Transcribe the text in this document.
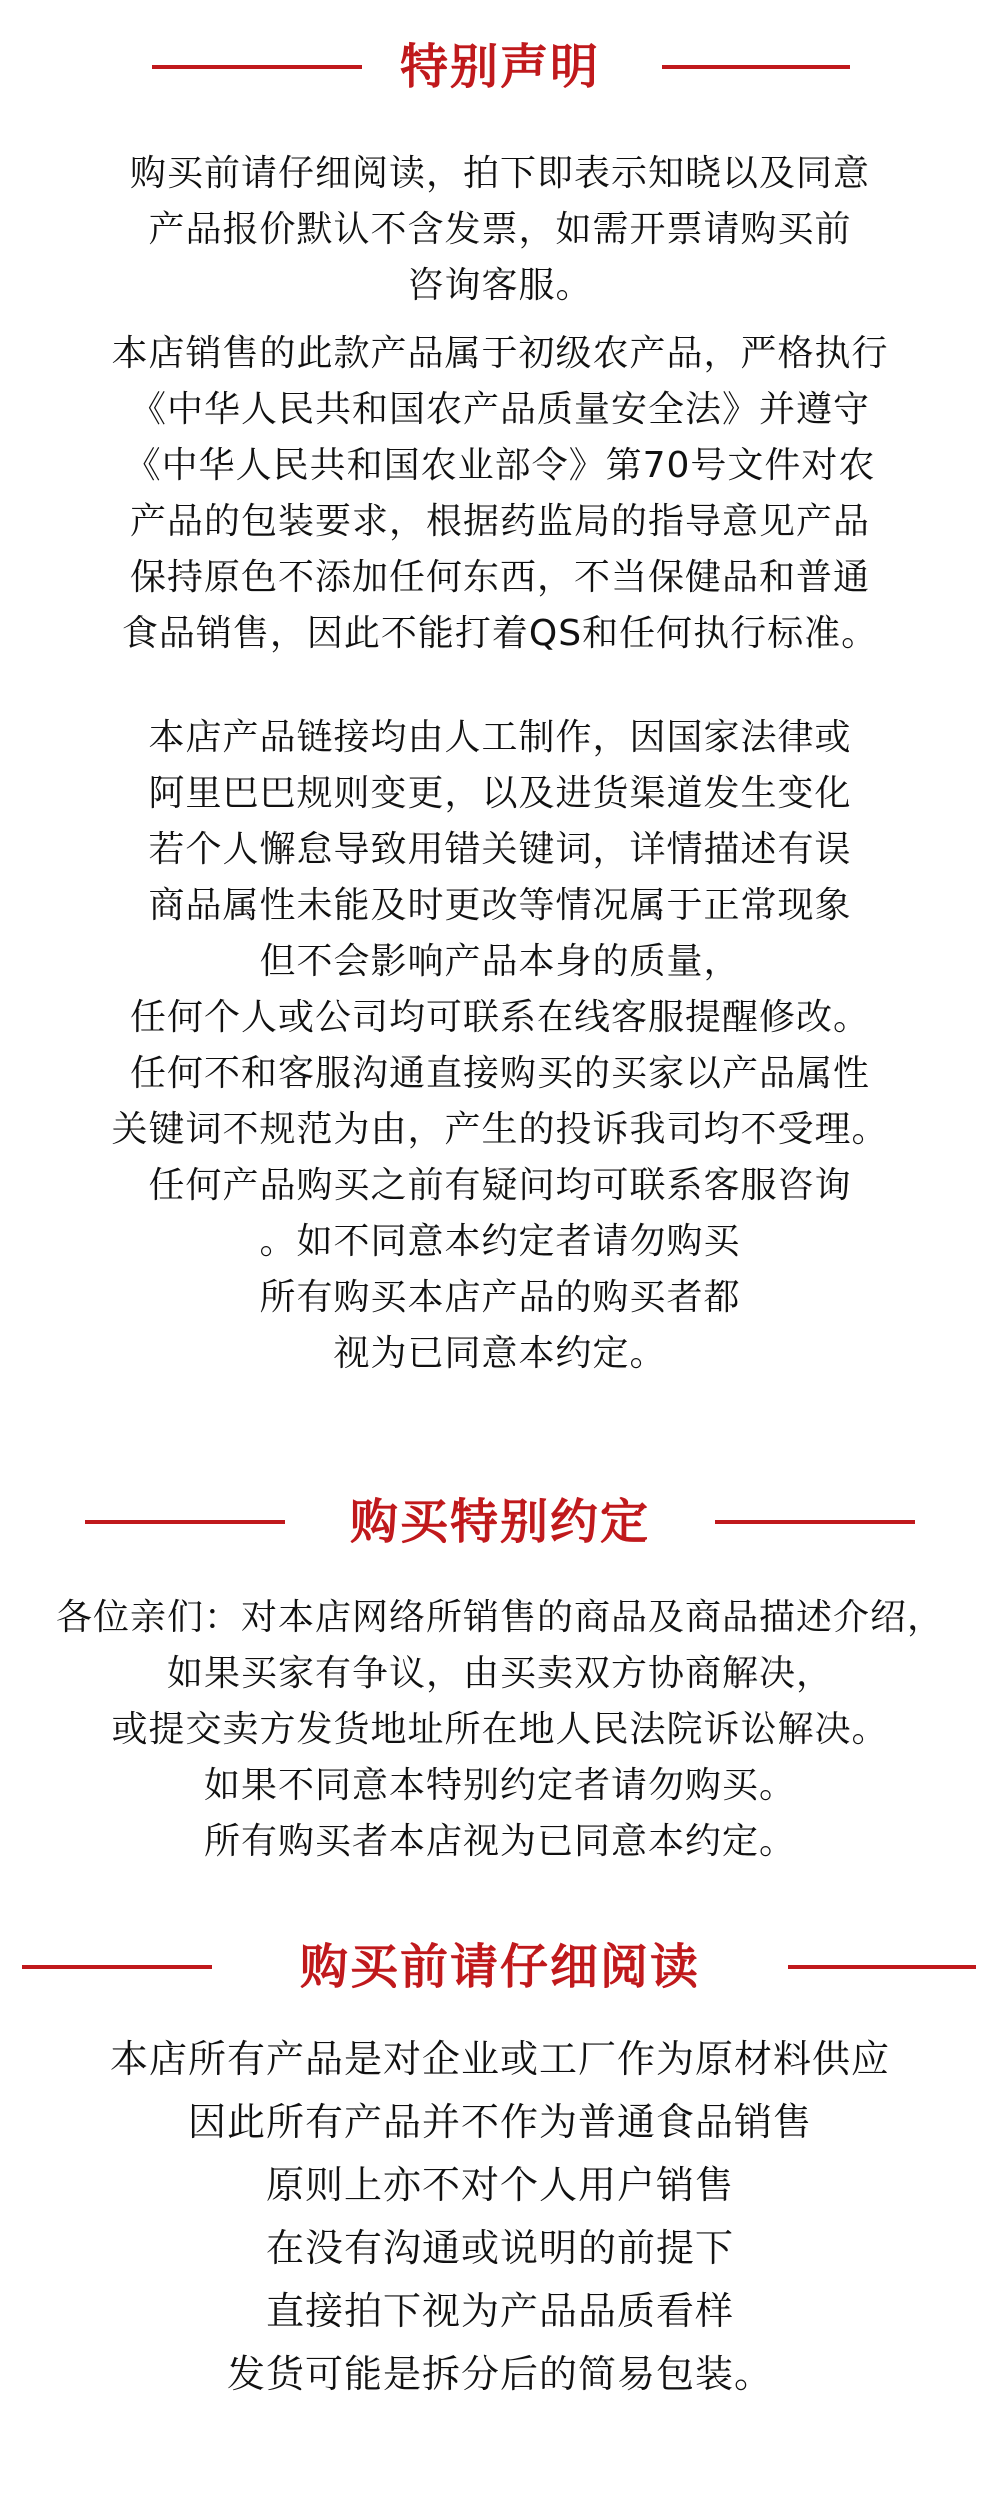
特别声明
购买前请仔细阅读，拍下即表示知晓以及同意
产品报价默认不含发票，如需开票请购买前
咨询客服。
本店销售的此款产品属于初级农产品，严格执行
《中华人民共和国农产品质量安全法》并遵守
《中华人民共和国农业部令》第70号文件对农
产品的包装要求，根据药监局的指导意见产品
保持原色不添加任何东西，不当保健品和普通
食品销售，因此不能打着QS和任何执行标准。
本店产品链接均由人工制作，因国家法律或
阿里巴巴规则变更，以及进货渠道发生变化
若个人懈怠导致用错关键词，详情描述有误
商品属性未能及时更改等情况属于正常现象
但不会影响产品本身的质量，
任何个人或公司均可联系在线客服提醒修改。
任何不和客服沟通直接购买的买家以产品属性
关键词不规范为由，产生的投诉我司均不受理。
任何产品购买之前有疑问均可联系客服咨询
。如不同意本约定者请勿购买
所有购买本店产品的购买者都
视为已同意本约定。
购买特别约定
各位亲们：对本店网络所销售的商品及商品描述介绍，
如果买家有争议，由买卖双方协商解决，
或提交卖方发货地址所在地人民法院诉讼解决。
如果不同意本特别约定者请勿购买。
所有购买者本店视为已同意本约定。
购买前请仔细阅读
本店所有产品是对企业或工厂作为原材料供应
因此所有产品并不作为普通食品销售
原则上亦不对个人用户销售
在没有沟通或说明的前提下
直接拍下视为产品品质看样
发货可能是拆分后的简易包装。
